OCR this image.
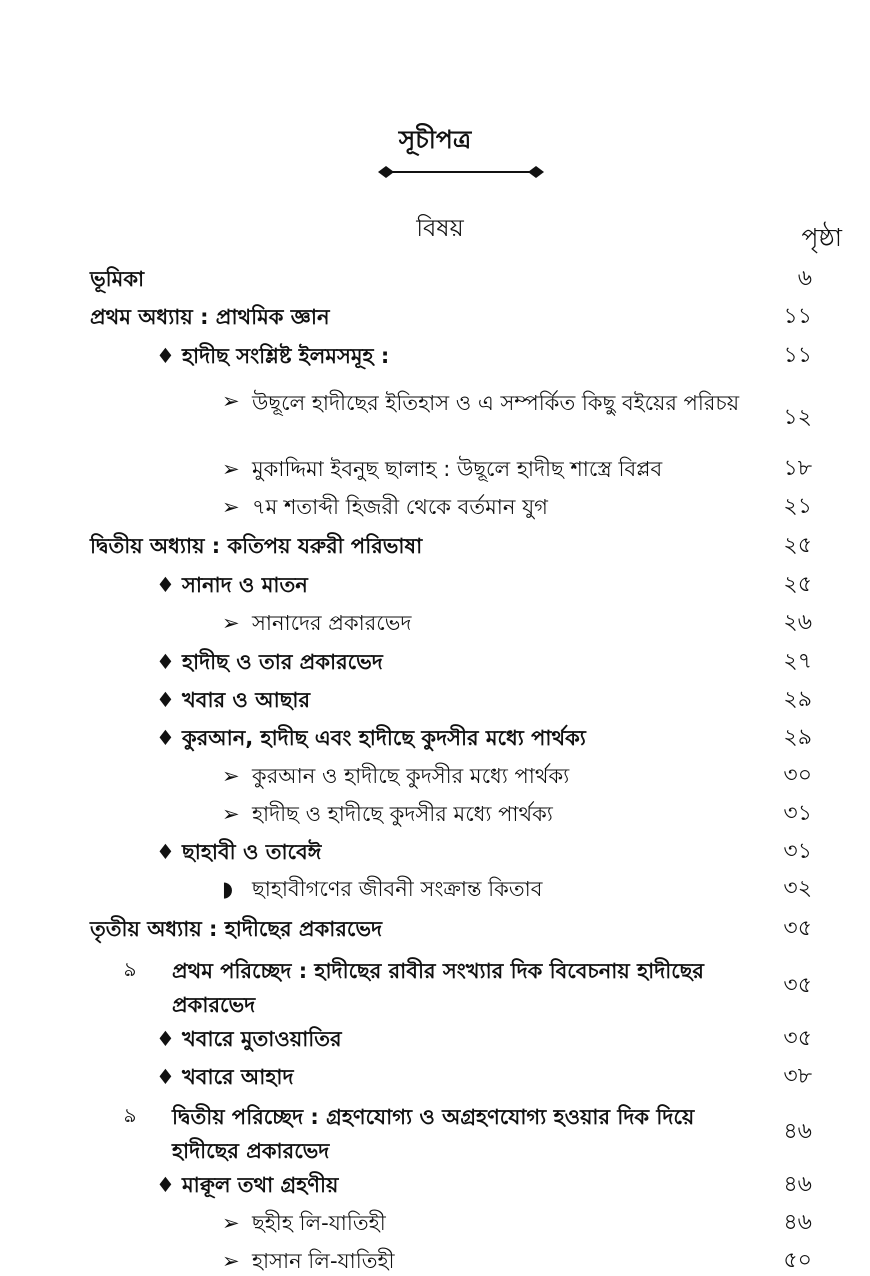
সূচীপত্র
বিষয়	পৃষ্ঠা
ভূমিকা	৬
প্রথম অধ্যায় : প্রাথমিক জ্ঞান	১১
♦ হাদীছ সংশ্লিষ্ট ইলমসমূহ :	১১
➢ উছূলে হাদীছের ইতিহাস ও এ সম্পর্কিত কিছু বইয়ের পরিচয়
১২
➢ মুকাদ্দিমা ইবনুছ ছালাহ : উছূলে হাদীছ শাস্ত্রে বিপ্লব	১৮
➢ ৭ম শতাব্দী হিজরী থেকে বর্তমান যুগ	২১
দ্বিতীয় অধ্যায় : কতিপয় যরুরী পরিভাষা	২৫
♦ সানাদ ও মাতন	২৫
➢ সানাদের প্রকারভেদ	২৬
♦ হাদীছ ও তার প্রকারভেদ	২৭
♦ খবার ও আছার	২৯
♦ কুরআন, হাদীছ এবং হাদীছে কুদসীর মধ্যে পার্থক্য	২৯
➢ কুরআন ও হাদীছে কুদসীর মধ্যে পার্থক্য	৩০
➢ হাদীছ ও হাদীছে কুদসীর মধ্যে পার্থক্য	৩১
♦ ছাহাবী ও তাবেঈ	৩১
◗ ছাহাবীগণের জীবনী সংক্রান্ত কিতাব	৩২
তৃতীয় অধ্যায় : হাদীছের প্রকারভেদ	৩৫
ঌ প্রথম পরিচ্ছেদ : হাদীছের রাবীর সংখ্যার দিক বিবেচনায় হাদীছের প্রকারভেদ
৩৫
♦ খবারে মুতাওয়াতির	৩৫
♦ খবারে আহাদ	৩৮
ঌ দ্বিতীয় পরিচ্ছেদ : গ্রহণযোগ্য ও অগ্রহণযোগ্য হওয়ার দিক দিয়ে হাদীছের প্রকারভেদ
৪৬
♦ মাক্বূল তথা গ্রহণীয়	৪৬
➢ ছহীহ লি-যাতিহী	৪৬
➢ হাসান লি-যাতিহী	৫০
